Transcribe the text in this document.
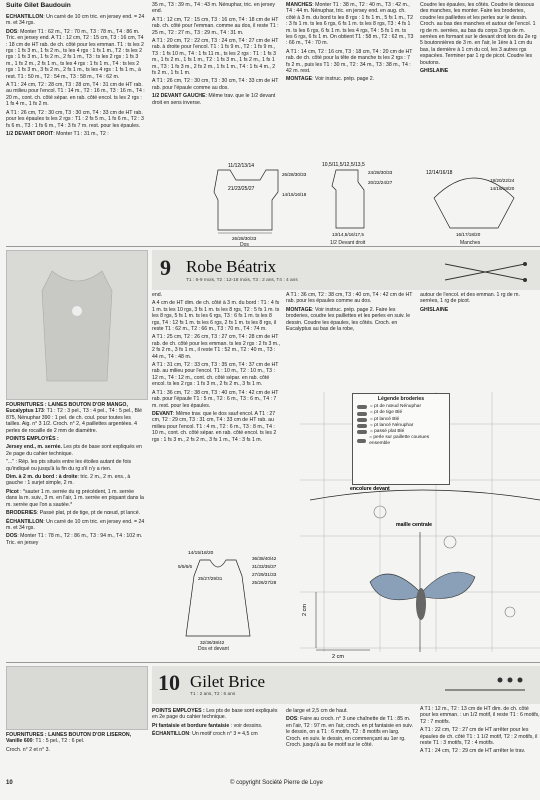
Suite Gilet Baudouin

ECHANTILLON: Un carré de 10 cm tric. en jersey end. = 24 m. et 34 rgs.

DOS: Monter T1 : 62 m., T2 : 70 m., T3 : 78 m., T4 : 86 m. Tric. en jersey end. A T1 : 12 cm, T2 : 15 cm, T3 : 16 cm, T4 : 18 cm de HT rab. de ch. côté pour les emman. T1 : ts les 2 rgs : 1 fs 3 m., 1 fs 2 m., ts les 4 rgs : 1 fs 1 m., T2 : ts les 2 rgs : 1 fs 3 m., 1 fs 2 m., 2 fs 1 m., T3 : ts les 2 rgs : 1 fs 3 m., 1 fs 2 m., 2 fs 1 m., ts les 4 rgs : 1 fs 1 m., T4 : ts les 2 rgs : 1 fs 3 m., 3 fs 2 m., 2 fs 1 m., ts les 4 rgs : 1 fs 1 m., à rest. T1 : 50 m., T2 : 54 m., T3 : 58 m., T4 : 62 m.

A T1 : 24 cm, T2 : 28 cm, T3 : 28 cm, T4 : 31 cm de HT rab. au milieu pour l'encol. T1 : 14 m., T2 : 16 m., T3 : 16 m., T4 : 20 m., cont. ch. côté sépar. en rab. côté encol. ts les 2 rgs : 1 fs 4 m., 1 fs 2 m.

A T1 : 26 cm, T2 : 30 cm, T3 : 30 cm, T4 : 33 cm de HT rab. pour les épaules ts les 2 rgs : T1 : 2 fs 5 m., 1 fs 6 m., T2 : 3 fs 6 m., T3 : 1 fs 6 m., T4 : 3 fs 7 m. rest. pour les épaules.

1/2 DEVANT DROIT: Monter T1 : 31 m., T2 :

35 m., T3 : 39 m., T4 : 43 m. Nénuphar, tric. en jersey end.

A T1 : 12 cm, T2 : 15 cm, T3 : 16 cm, T4 : 18 cm de HT rab. ch. côté pour l'emman. comme au dos, il reste T1 : 25 m., T2 : 27 m., T3 : 29 m., T4 : 31 m.

A T1 : 20 cm, T2 : 22 cm, T3 : 24 cm, T4 : 27 cm de HT rab. à droite pour l'encol. T1 : 1 fs 9 m., T2 : 1 fs 9 m., T3 : 1 fs 10 m., T4 : 1 fs 11 m., ts les 2 rgs : T1 : 1 fs 3 m., 1 fs 2 m., 1 fs 1 m., T2 : 1 fs 3 m., 1 fs 2 m., 1 fs 1 m., T3 : 1 fs 3 m., 2 fs 2 m., 1 fs 1 m., T4 : 1 fs 4 m., 2 fs 2 m., 1 fs 1 m.

A T1 : 26 cm, T2 : 30 cm, T3 : 30 cm, T4 : 33 cm de HT rab. pour l'épaule comme au dos.

1/2 DEVANT GAUCHE: Même trav. que le 1/2 devant droit en sens inverse.

MANCHES: Monter T1 : 38 m., T2 : 40 m., T3 : 42 m., T4 : 44 m. Nénuphar, tric. en jersey end. en aug. ch. côté à 3 m. du bord ts les 8 rgs : 1 fs 1 m., 5 fs 1 m., T2 : 3 fs 1 m. ts les 6 rgs, 6 fs 1 m. ts les 8 rgs, T3 : 4 fs 1 m. ts les 6 rgs, 6 fs 1 m. ts les 4 rgs, T4 : 5 fs 1 m. ts les 6 rgs, 6 fs 1 m. On obtient T1 : 58 m., T2 : 62 m., T3 : 66 m., T4 : 70 m.

A T1 : 14 cm, T2 : 16 cm, T3 : 18 cm, T4 : 20 cm de HT rab. de ch. côté pour la tête de manche ts les 2 rgs : 7 fs 2 m., puis les T1 : 30 m., T2 : 34 m., T3 : 38 m., T4 : 42 m. rest.

MONTAGE: Voir instruc. prép. page 2.

Coudre les épaules, les côtés. Coudre le dessous des manches, les monter. Faire les broderies, coudre les paillettes et les perles sur le dessin. Croch. au bas des manches et autour de l'encol. 1 rg de m. serrées, au bas du corps 3 rgs de m. serrées en formant sur le devant droit lors du 2e rg 5 boutonnières de 3 m. en l'air, le 1ère à 1 cm du bas, la dernière à 1 cm du col, les 3 autres rgs espacées. Terminer par 1 rg de picot. Coudre les boutons.

GHISLAINE

11/12/13/14
21/23/25/27
26/28/30/33
14/15/16/18
26/28/30/33
Dos
10,5/11,5/12,5/13,5
24/28/30/33
20/22/24/27
13/14,5/16/17,5
1/2 Devant droit
12/14/16/18
18/20/22/24
14/16/18/20
16/17/18/20
Manches
9 Robe Béatrix
T1 : 6-9 mois, T2 : 12-18 mois, T3 : 2 ans, T4 : 4 ans

FOURNITURES : LAINES BOUTON D'OR MANGO, Eucalyptus 173: T1 : T2 : 3 pel., T3 : 4 pel., T4 : 5 pel., Blé 875, Nénuphar 390 : 1 pel. de ch. coul. pour toutes les tailles. Aig. n° 3 1/2. Croch. n° 2, 4 paillettes argentées. 4 perles de rocaille de 2 mm de diamètre.

POINTS EMPLOYÉS :

Jersey end., m. serrée. Les pts de base sont expliqués en 2e page du cahier technique.

"..." : Rép. les pts situés entre les étoiles autant de fois qu'indiqué ou jusqu'à la fin du rg s'il n'y a rien.

Dim. à 2 m. du bord : à droite: tric. 2 m., 2 m. ens., à gauche : 1 surjet simple, 2 m.

Picot : *sauter 1 m. serrée du rg précédent, 1 m. serrée dans la m. suiv., 3 m. en l'air, 1 m. serrée en piquant dans la m. serrée que l'on a sautée.*

BRODERIES: Passé plat, pt de tige, pt de nœud, pt lancé.

ÉCHANTILLON: Un carré de 10 cm tric. en jersey end. = 24 m. et 34 rgs.

DOS: Monter T1 : 78 m., T2 : 86 m., T3 : 94 m., T4 : 102 m. Tric. en jersey

end.

A 4 cm de HT dim. de ch. côté à 3 m. du bord : T1 : 4 fs 1 m. ts les 10 rgs, 3 fs 1 m. ts les 8 rgs, T2 : 5 fs 1 m. ts les 8 rgs, 5 fs 1 m. ts les 6 rgs, T3 : 6 fs 1 m. ts les 8 rgs, T4 : 12 fs 1 m. ts les 6 rgs, 2 fs 1 m. ts les 8 rgs, il reste T1 : 62 m., T2 : 66 m., T3 : 70 m., T4 : 74 m.

A T1 : 25 cm, T2 : 26 cm, T3 : 27 cm, T4 : 28 cm de HT rab. de ch. côté pour les emman. ts les 2 rgs : 2 fs 3 m., 2 fs 2 m., 3 fs 1 m., il reste T1 : 52 m., T2 : 40 m., T3 : 44 m., T4 : 48 m.

A T1 : 31 cm, T2 : 33 cm, T3 : 35 cm, T4 : 37 cm de HT rab. au milieu pour l'encol. T1 : 10 m., T2 : 10 m., T3 : 12 m., T4 : 12 m., cont. ch. côté sépar. en rab. côté encol. ts les 2 rgs : 1 fs 3 m., 2 fs 2 m., 3 fs 1 m.

A T1 : 36 cm, T2 : 38 cm, T3 : 40 cm, T4 : 42 cm de HT rab. pour l'épaule T1 : 5 m., T2 : 6 m., T3 : 6 m., T4 : 7 m. rest. pour les épaules.

DEVANT: Même trav. que le dos sauf encol. A T1 : 27 cm, T2 : 29 cm, T3 : 31 cm, T4 : 33 cm de HT rab. au milieu pour l'encol. T1 : 4 m., T2 : 6 m., T3 : 8 m., T4 : 10 m., cont. ch. côté sépar. en rab. côté encol. ts les 2 rgs : 1 fs 3 m., 2 fs 2 m., 3 fs 1 m., T4 : 3 fs 1 m.

A T1 : 36 cm, T2 : 38 cm, T3 : 40 cm, T4 : 42 cm de HT rab. pour les épaules comme au dos.

MONTAGE: Voir instruc. prép. page 2. Faire les broderies, coudre les paillettes et les perles en suiv. le dessin. Coudre les épaules, les côtés. Croch. en Eucalyptus au bas de la robe,

autour de l'encol. et des emman. 1 rg de m. serrées, 1 rg de picot.

GHISLAINE

14/15/18/20
5/5/6/6
36/38/40/42
31/33/35/37
27/29/31/33
25/26/27/28
25/27/29/31
32/36/38/42
Dos et devant
2 cm
2 cm
encolure devant
maille centrale
Légende broderies
= pt de nœud Nénuphar
= pt de tige Blé
= pt lancé Blé
= pt lancé Nénuphar
= passé plat Blé
= perle sur paillette cousues ensemble
10 Gilet Brice
T1 : 2 ans, T2 : 6 ans

FOURNITURES : LAINES BOUTON D'OR LISERON, Vanille 600: T1 : 5 pel., T2 : 6 pel.

Croch. n° 2 et n° 3.

POINTS EMPLOYÉS : Les pts de base sont expliqués en 2e page du cahier technique.

Pt fantaisie et bordure fantaisie : voir dessins.

ÉCHANTILLON: Un motif croch n° 3 = 4,5 cm

de large et 2,5 cm de haut.

DOS: Faire au croch. n° 3 une chaînette de T1 : 85 m. en l'air, T2 : 97 m. en l'air, croch. en pt fantaisie en suiv. le dessin, on a T1 : 6 motifs, T2 : 8 motifs en larg. Croch. en suiv. le dessin, en commençant au 1er rg. Croch. jusqu'à au 6e motif sur le côté.

A T1 : 12 m., T2 : 13 cm de HT dim. de ch. côté pour les emman. : un 1/2 motif, il reste T1 : 6 motifs, T2 : 7 motifs.

A T1 : 22 cm, T2 : 27 cm de HT arrêter pour les épaules de ch. côté T1 : 1 1/2 motif, T2 : 2 motifs, il reste T1 : 3 motifs, T2 : 4 motifs.

A T1 : 24 cm, T2 : 29 cm de HT arrêter le trav.

10	© copyright Société Pierre de Loye
